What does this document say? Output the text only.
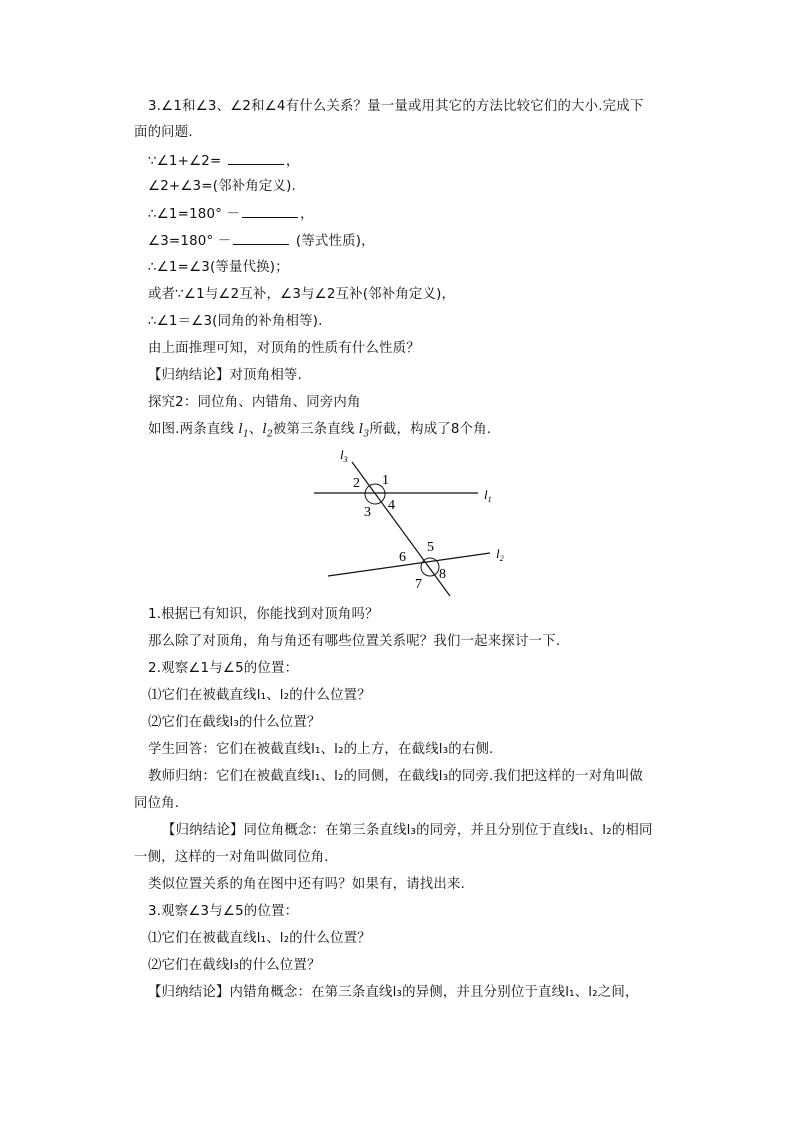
3.∠1和∠3、∠2和∠4有什么关系？量一量或用其它的方法比较它们的大小.完成下
面的问题.
∵∠1+∠2=	，
∠2+∠3=(邻补角定义).
∴∠1=180° －	，
∠3=180° －	(等式性质)，
∴∠1=∠3(等量代换)；
或者∵∠1与∠2互补，∠3与∠2互补(邻补角定义)，
∴∠1＝∠3(同角的补角相等).
由上面推理可知，对顶角的性质有什么性质？
【归纳结论】对顶角相等.
探究2：同位角、内错角、同旁内角
如图.两条直线 $l_1$、$l_2$被第三条直线 $l_3$所截，构成了8个角.
$l_3$
$l_1$
$l_2$
1
2
3 4
5
6
7
8
1.根据已有知识，你能找到对顶角吗？
那么除了对顶角，角与角还有哪些位置关系呢？我们一起来探讨一下.
2.观察∠1与∠5的位置：
⑴它们在被截直线l₁、l₂的什么位置？
⑵它们在截线l₃的什么位置？
学生回答：它们在被截直线l₁、l₂的上方，在截线l₃的右侧.
教师归纳：它们在被截直线l₁、l₂的同侧，在截线l₃的同旁.我们把这样的一对角叫做
同位角.
【归纳结论】同位角概念：在第三条直线l₃的同旁，并且分别位于直线l₁、l₂的相同
一侧，这样的一对角叫做同位角.
类似位置关系的角在图中还有吗？如果有，请找出来.
3.观察∠3与∠5的位置：
⑴它们在被截直线l₁、l₂的什么位置？
⑵它们在截线l₃的什么位置？
【归纳结论】内错角概念：在第三条直线l₃的异侧，并且分别位于直线l₁、l₂之间，
